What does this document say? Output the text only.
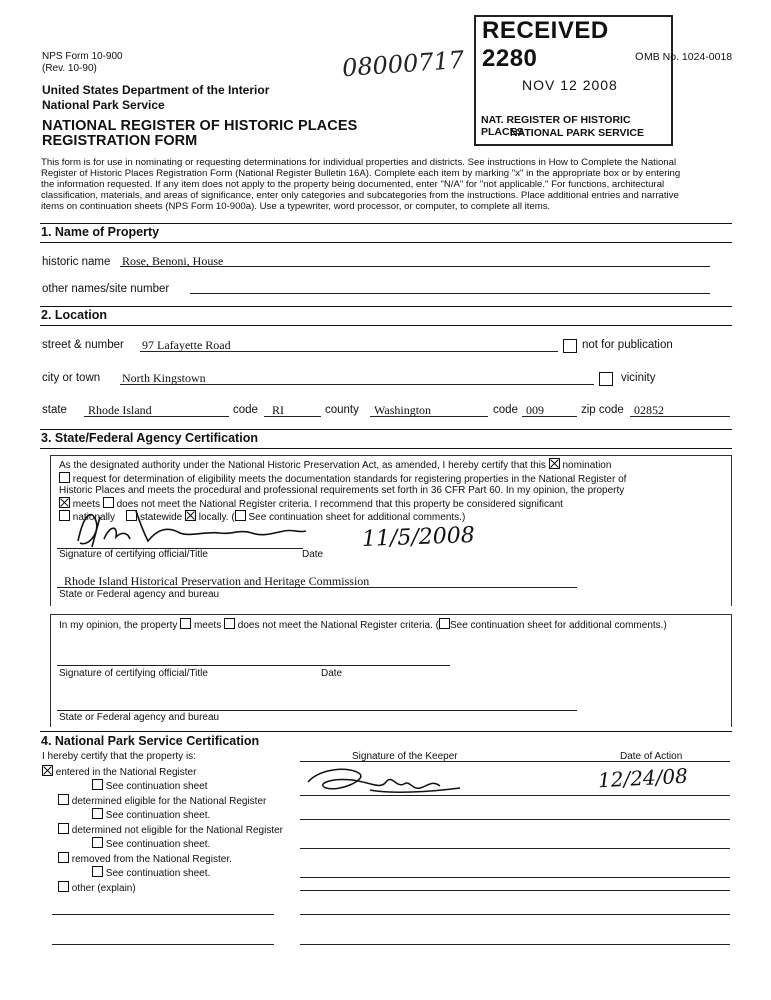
NPS Form 10-900
(Rev. 10-90)
United States Department of the Interior
National Park Service
NATIONAL REGISTER OF HISTORIC PLACES
REGISTRATION FORM
08000717
RECEIVED 2280
NOV 12 2008
NAT. REGISTER OF HISTORIC PLACES
NATIONAL PARK SERVICE
O MB No. 1024-0018
This form is for use in nominating or requesting determinations for individual properties and districts. See instructions in How to Complete the National
Register of Historic Places Registration Form (National Register Bulletin 16A). Complete each item by marking "x" in the appropriate box or by entering
the information requested. If any item does not apply to the property being documented, enter "N/A" for "not applicable." For functions, architectural
classification, materials, and areas of significance, enter only categories and subcategories from the instructions. Place additional entries and narrative
items on continuation sheets (NPS Form 10-900a). Use a typewriter, word processor, or computer, to complete all items.
1. Name of Property
historic name Rose, Benoni, House
other names/site number
2. Location
street & number 97 Lafayette Road	not for publication
city or town North Kingstown	vicinity
state Rhode Island	code RI	county Washington	code 009	zip code 02852
3. State/Federal Agency Certification
As the designated authority under the National Historic Preservation Act, as amended, I hereby certify that this nomination
request for determination of eligibility meets the documentation standards for registering properties in the National Register of
Historic Places and meets the procedural and professional requirements set forth in 36 CFR Part 60. In my opinion, the property
meets does not meet the National Register criteria. I recommend that this property be considered significant
nationally statewide locally. ( See continuation sheet for additional comments.)
11/5/2008
Signature of certifying official/Title	Date
Rhode Island Historical Preservation and Heritage Commission
State or Federal agency and bureau
In my opinion, the property meets does not meet the National Register criteria. ( See continuation sheet for additional comments.)
Signature of certifying official/Title	Date
State or Federal agency and bureau
4. National Park Service Certification
I hereby certify that the property is:	Signature of the Keeper	Date of Action
12/24/08
entered in the National Register
See continuation sheet
determined eligible for the National Register
See continuation sheet.
determined not eligible for the National Register
See continuation sheet.
removed from the National Register.
See continuation sheet.
other (explain)
